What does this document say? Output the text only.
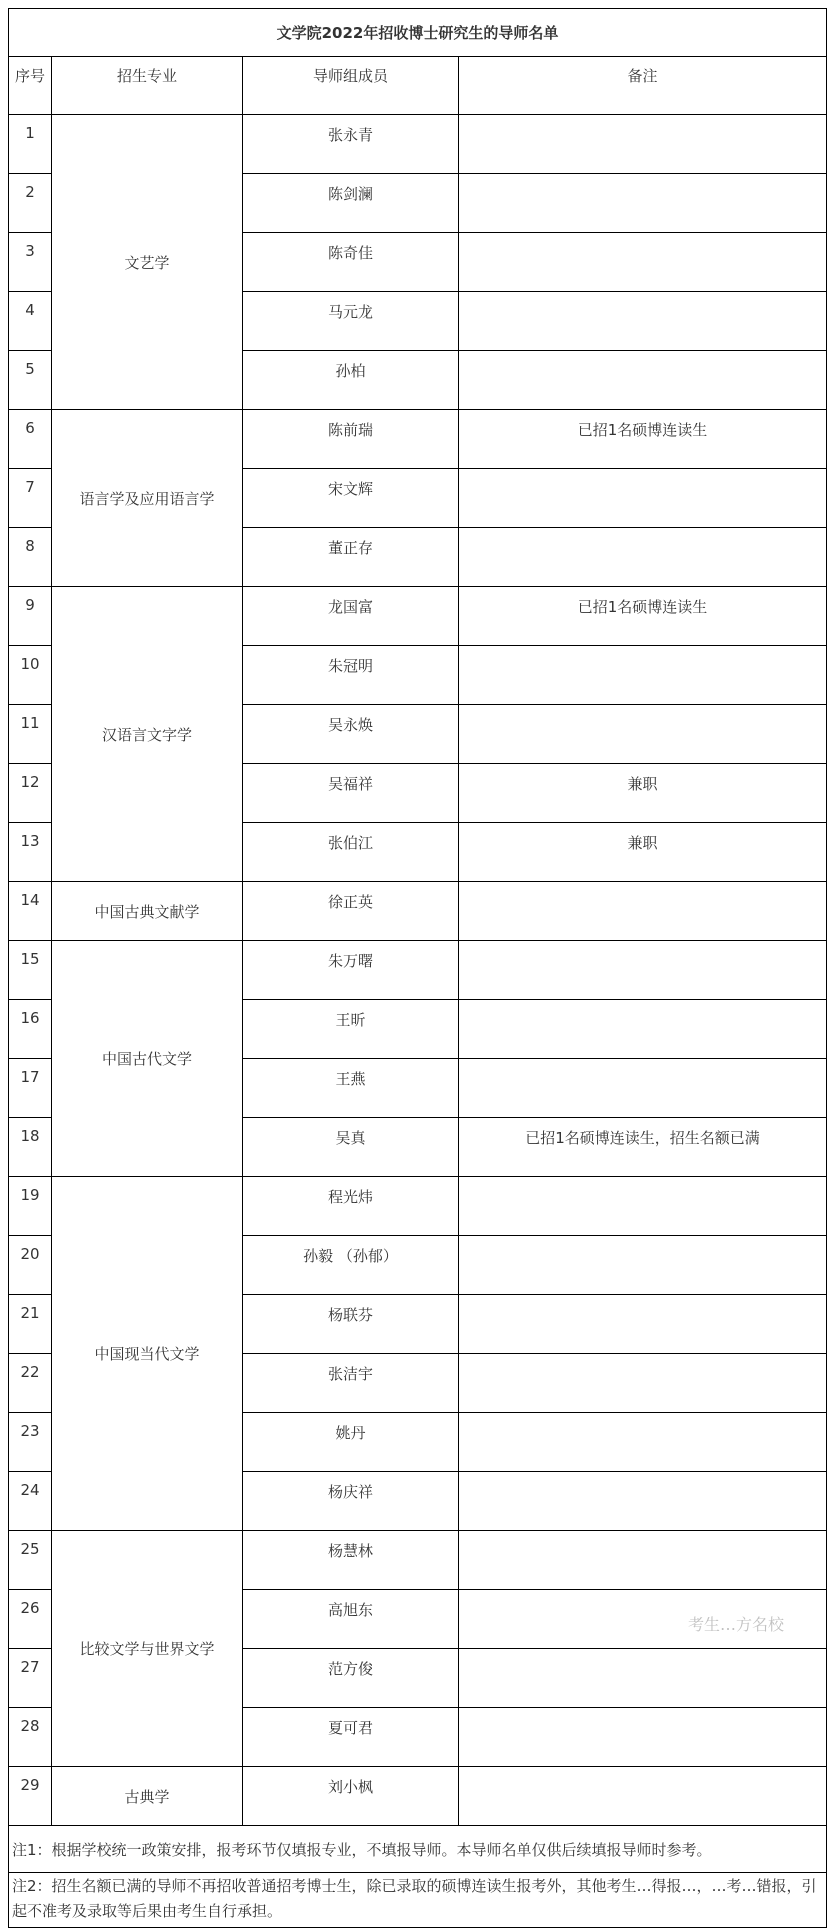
文学院2022年招收博士研究生的导师名单			
序号	招生专业	导师组成员	备注
1	文艺学	张永青	
2		陈剑澜	
3		陈奇佳	
4		马元龙	
5		孙柏	
6	语言学及应用语言学	陈前瑞	已招1名硕博连读生
7		宋文辉	
8		董正存	
9	汉语言文字学	龙国富	已招1名硕博连读生
10		朱冠明	
11		吴永焕	
12		吴福祥	兼职
13		张伯江	兼职
14	中国古典文献学	徐正英	
15	中国古代文学	朱万曙	
16		王昕	
17		王燕	
18		吴真	已招1名硕博连读生，招生名额已满
19	中国现当代文学	程光炜	
20		孙毅 （孙郁）	
21		杨联芬	
22		张洁宇	
23		姚丹	
24		杨庆祥	
25	比较文学与世界文学	杨慧林	
26		高旭东	
27		范方俊	
28		夏可君	
29	古典学	刘小枫	
注1：根据学校统一政策安排，报考环节仅填报专业，不填报导师。本导师名单仅供后续填报导师时参考。			
注2：招生名额已满的导师不再招收普通招考博士生，除已录取的硕博连读生报考外，其他考生…得报…，…考…错报，引起不准考及录取等后果由考生自行承担。			
考生…方名校
